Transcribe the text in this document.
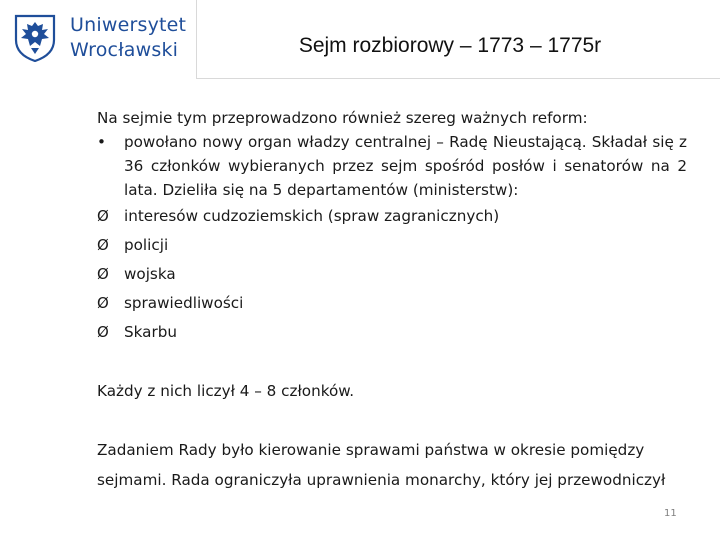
Uniwersytet
Wrocławski	Sejm rozbiorowy – 1773 – 1775r

Na sejmie tym przeprowadzono również szereg ważnych reform:

•	powołano nowy organ władzy centralnej – Radę Nieustającą. Składał się z 36 członków wybieranych przez sejm spośród posłów i senatorów na 2 lata. Dzieliła się na 5 departamentów (ministerstw):
Ø interesów cudzoziemskich (spraw zagranicznych)
Ø policji
Ø wojska
Ø sprawiedliwości
Ø Skarbu

Każdy z nich liczył 4 – 8 członków.

Zadaniem Rady było kierowanie sprawami państwa w okresie pomiędzy sejmami. Rada ograniczyła uprawnienia monarchy, który jej przewodniczył

11
